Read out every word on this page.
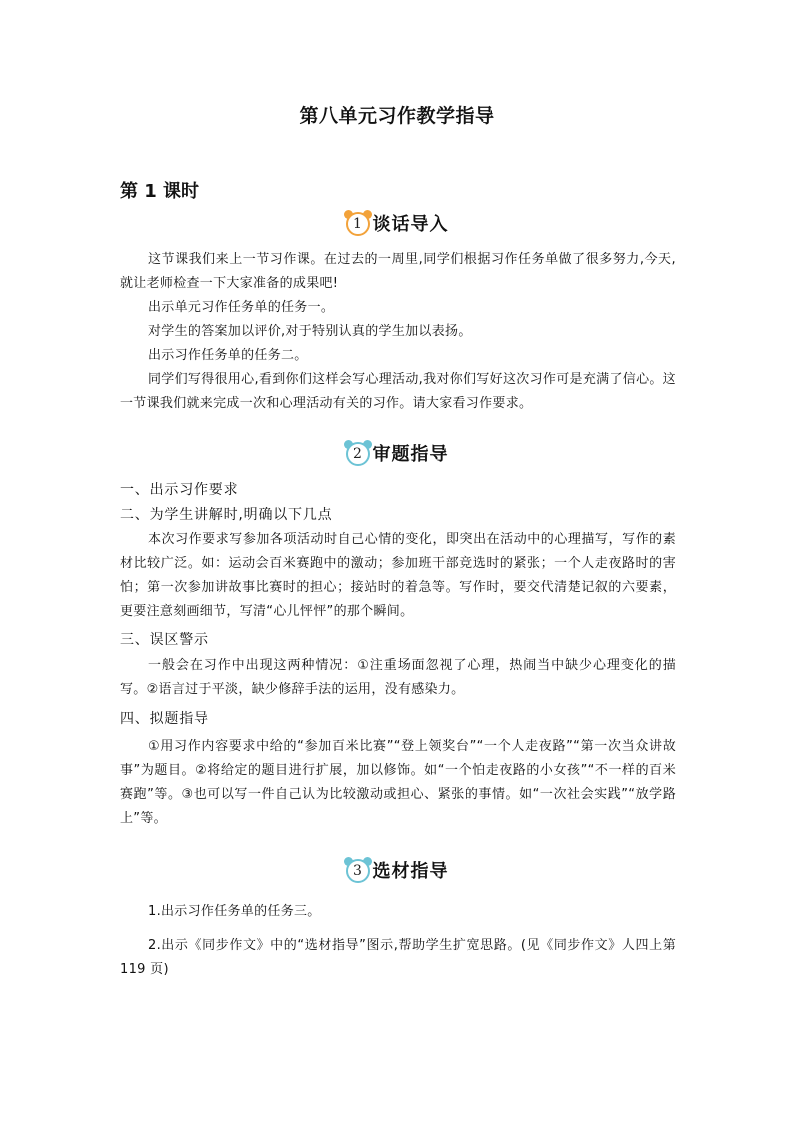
第八单元习作教学指导
第 1 课时
1 谈话导入

这节课我们来上一节习作课。在过去的一周里,同学们根据习作任务单做了很多努力,今天,就让老师检查一下大家准备的成果吧!

出示单元习作任务单的任务一。

对学生的答案加以评价,对于特别认真的学生加以表扬。

出示习作任务单的任务二。

同学们写得很用心,看到你们这样会写心理活动,我对你们写好这次习作可是充满了信心。这一节课我们就来完成一次和心理活动有关的习作。请大家看习作要求。

2 审题指导
一、出示习作要求
二、为学生讲解时,明确以下几点

本次习作要求写参加各项活动时自己心情的变化，即突出在活动中的心理描写，写作的素材比较广泛。如：运动会百米赛跑中的激动；参加班干部竞选时的紧张；一个人走夜路时的害怕；第一次参加讲故事比赛时的担心；接站时的着急等。写作时，要交代清楚记叙的六要素，更要注意刻画细节，写清“心儿怦怦”的那个瞬间。

三、误区警示

一般会在习作中出现这两种情况：①注重场面忽视了心理，热闹当中缺少心理变化的描写。②语言过于平淡，缺少修辞手法的运用，没有感染力。

四、拟题指导

①用习作内容要求中给的“参加百米比赛”“登上领奖台”“一个人走夜路”“第一次当众讲故事”为题目。②将给定的题目进行扩展，加以修饰。如“一个怕走夜路的小女孩”“不一样的百米赛跑”等。③也可以写一件自己认为比较激动或担心、紧张的事情。如“一次社会实践”“放学路上”等。

3 选材指导

1.出示习作任务单的任务三。

2.出示《同步作文》中的“选材指导”图示,帮助学生扩宽思路。(见《同步作文》人四上第 119 页)
